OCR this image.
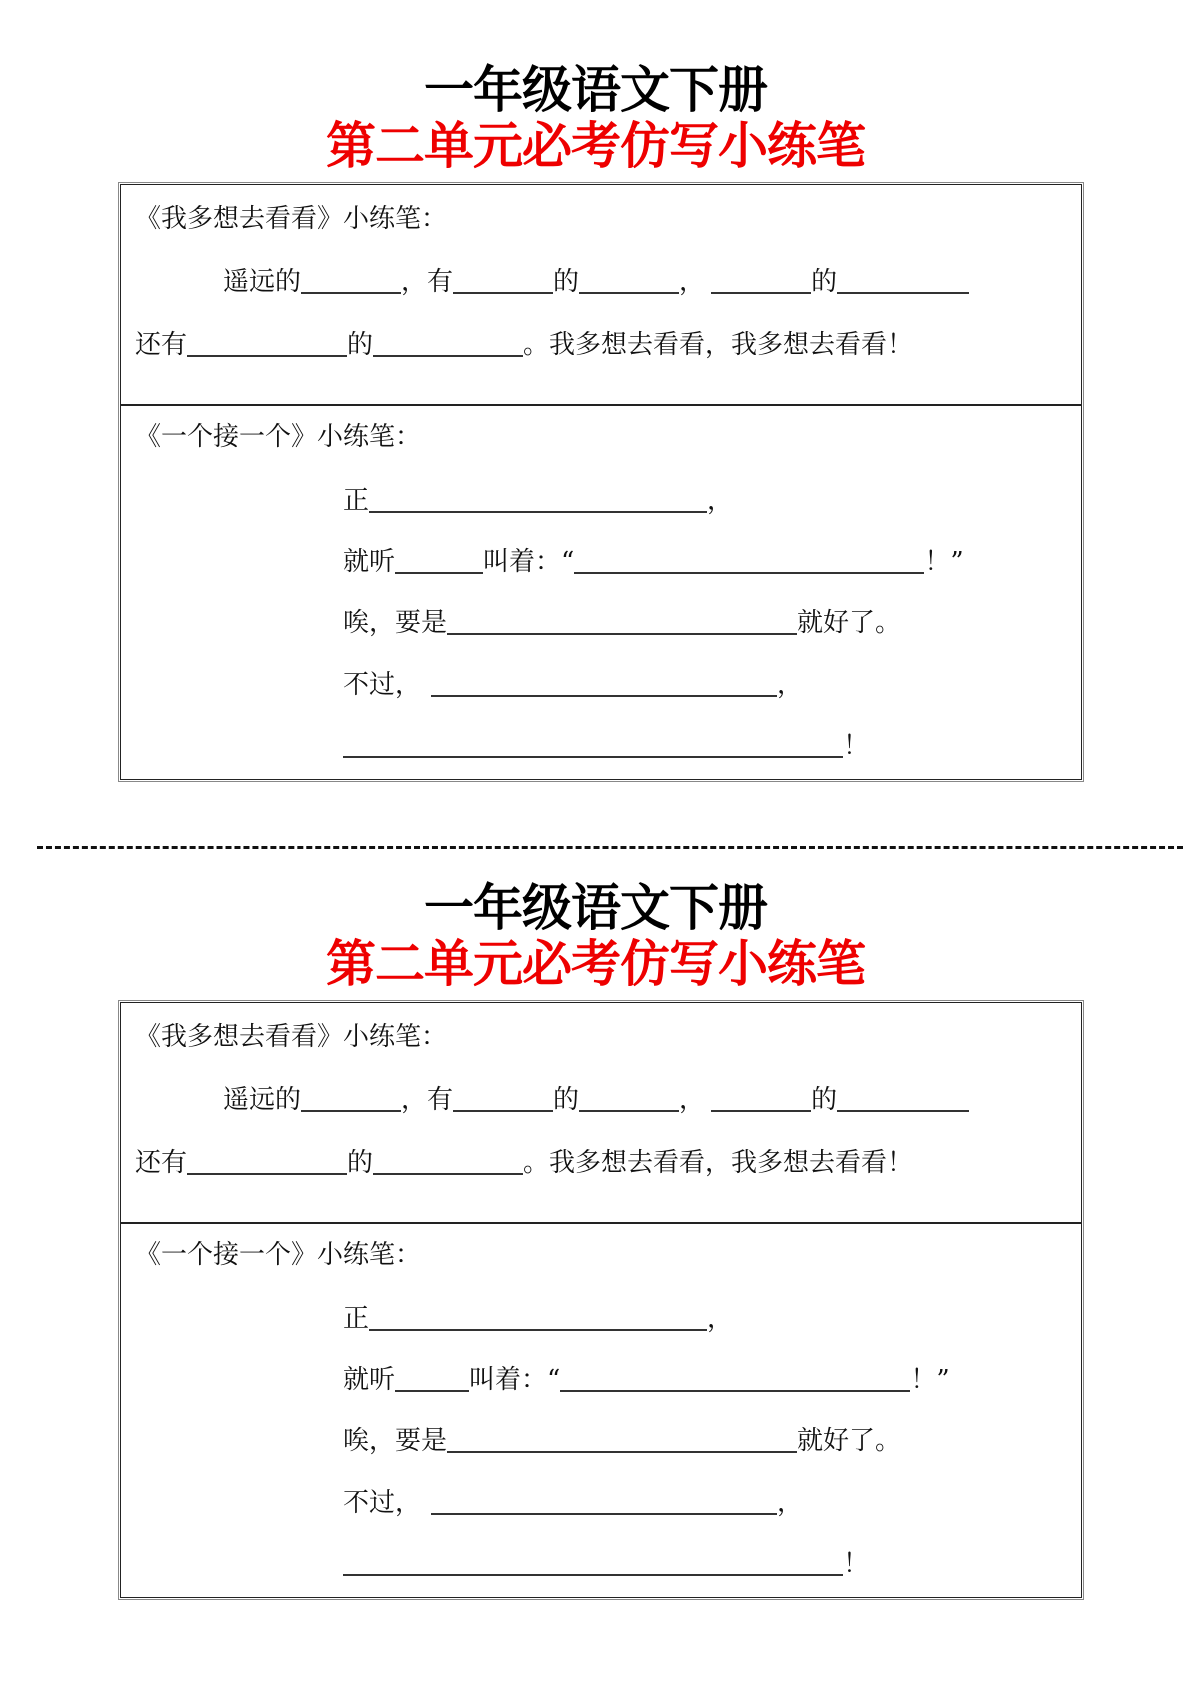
一年级语文下册
第二单元必考仿写小练笔
《我多想去看看》小练笔：
遥远的	，有	的	，	的
还有	的	。我多想去看看，我多想去看看！
《一个接一个》小练笔：
正	，
就听	叫着：“	！”
唉，要是	就好了。
不过，	，
！
一年级语文下册
第二单元必考仿写小练笔
《我多想去看看》小练笔：
遥远的	，有	的	，	的
还有	的	。我多想去看看，我多想去看看！
《一个接一个》小练笔：
正	，
就听	叫着：“	！”
唉，要是	就好了。
不过，	，
！
